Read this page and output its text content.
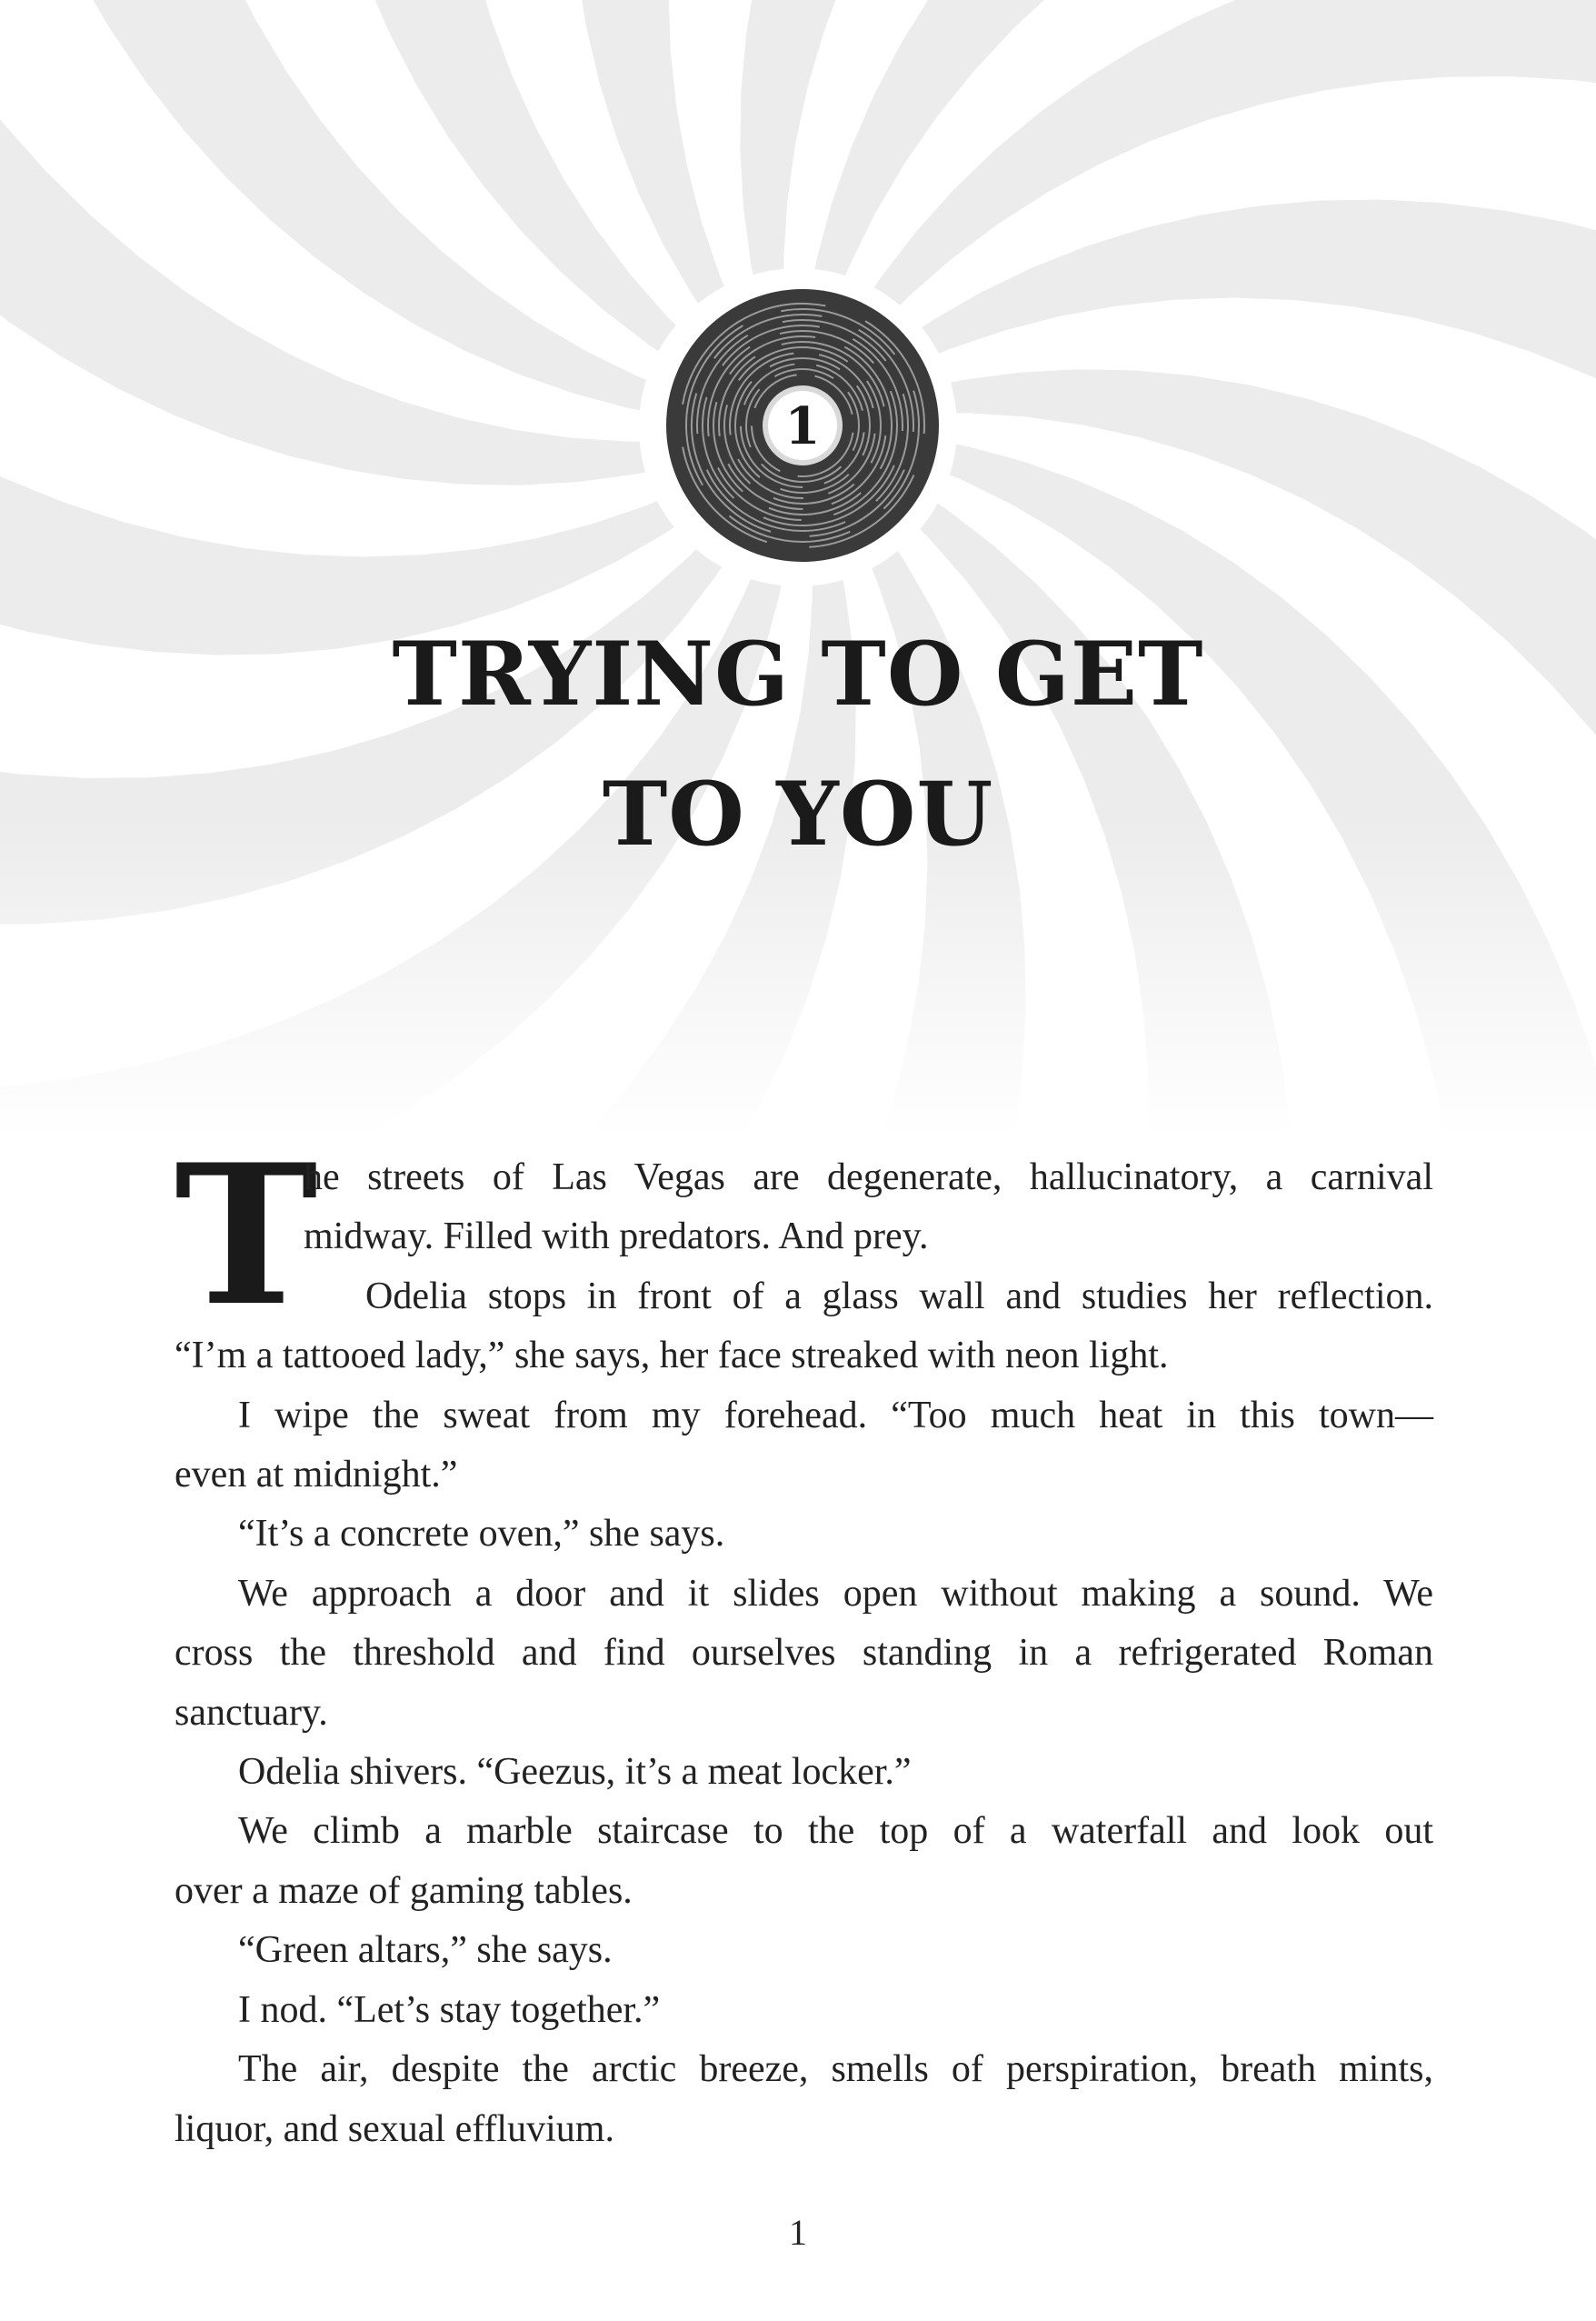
1
TRYING TO GET
TO YOU
T
he streets of Las Vegas are degenerate, hallucinatory, a carnival
midway. Filled with predators. And prey.
Odelia stops in front of a glass wall and studies her reflection.
“I’m a tattooed lady,” she says, her face streaked with neon light.
I wipe the sweat from my forehead. “Too much heat in this town—
even at midnight.”
“It’s a concrete oven,” she says.
We approach a door and it slides open without making a sound. We
cross the threshold and find ourselves standing in a refrigerated Roman
sanctuary.
Odelia shivers. “Geezus, it’s a meat locker.”
We climb a marble staircase to the top of a waterfall and look out
over a maze of gaming tables.
“Green altars,” she says.
I nod. “Let’s stay together.”
The air, despite the arctic breeze, smells of perspiration, breath mints,
liquor, and sexual effluvium.
1
